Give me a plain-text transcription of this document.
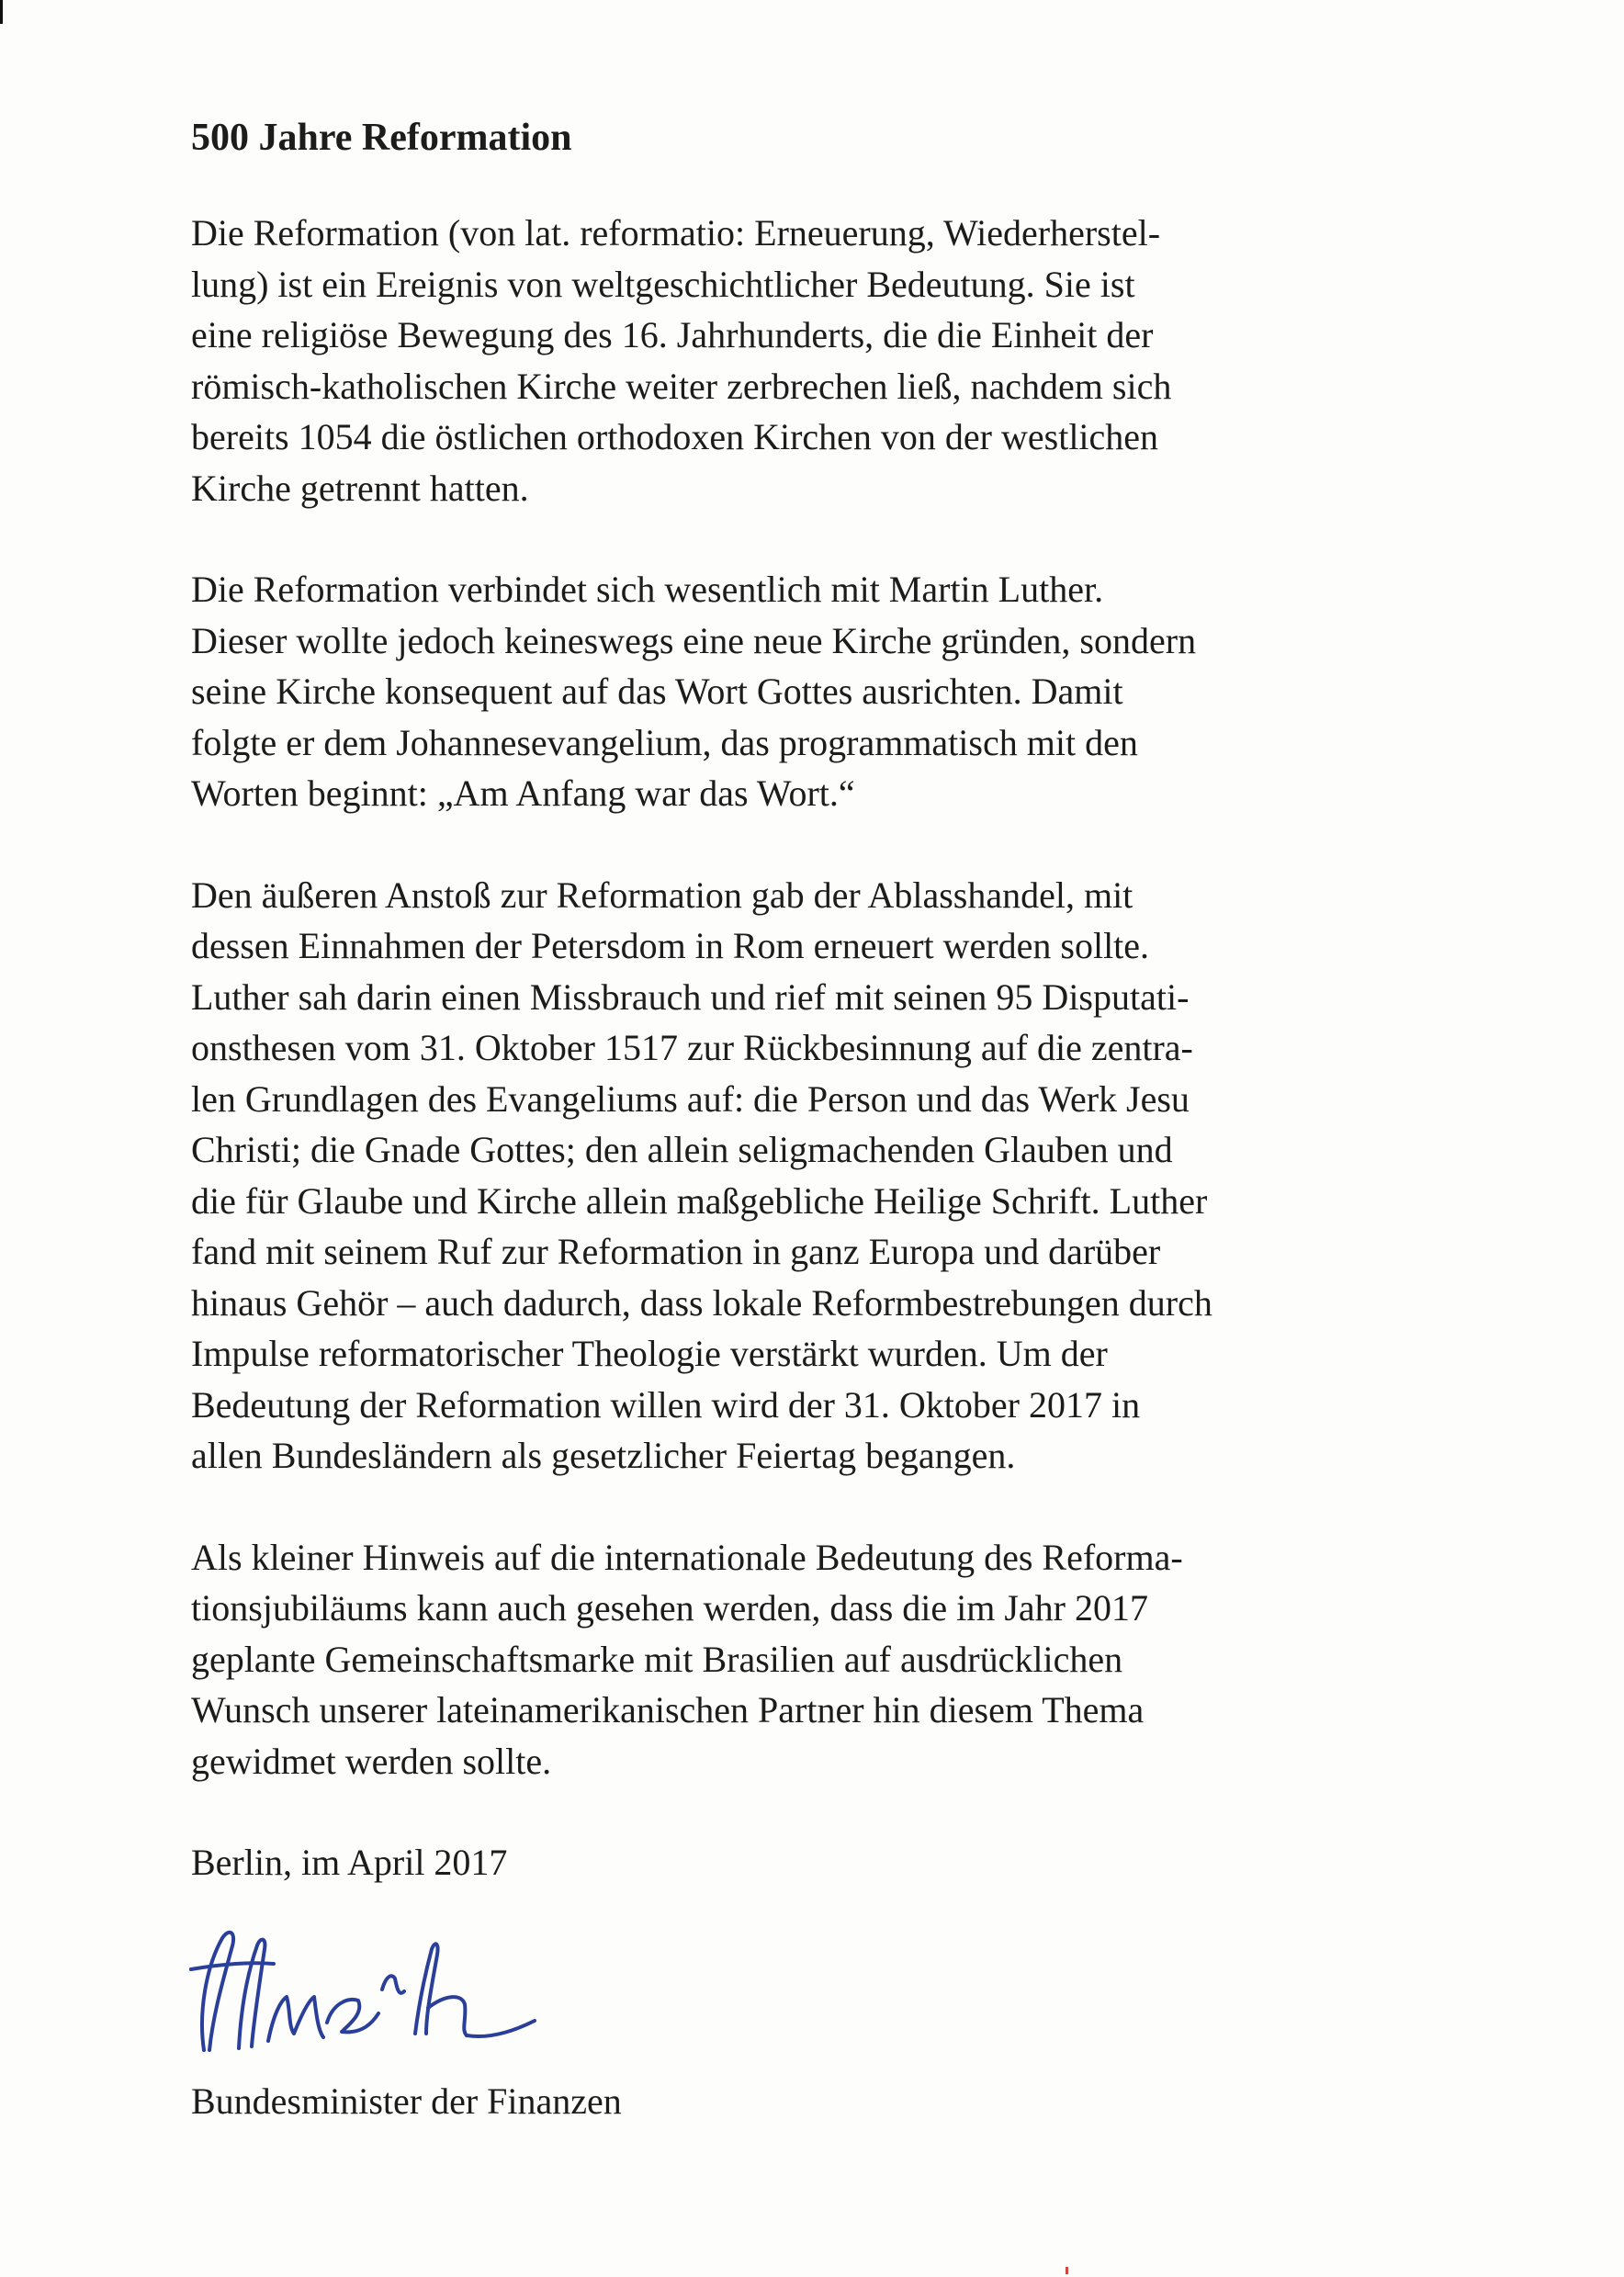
500 Jahre Reformation
Die Reformation (von lat. reformatio: Erneuerung, Wiederherstel-
lung) ist ein Ereignis von weltgeschichtlicher Bedeutung. Sie ist
eine religiöse Bewegung des 16. Jahrhunderts, die die Einheit der
römisch-katholischen Kirche weiter zerbrechen ließ, nachdem sich
bereits 1054 die östlichen orthodoxen Kirchen von der westlichen
Kirche getrennt hatten.
Die Reformation verbindet sich wesentlich mit Martin Luther.
Dieser wollte jedoch keineswegs eine neue Kirche gründen, sondern
seine Kirche konsequent auf das Wort Gottes ausrichten. Damit
folgte er dem Johannesevangelium, das programmatisch mit den
Worten beginnt: „Am Anfang war das Wort.“
Den äußeren Anstoß zur Reformation gab der Ablasshandel, mit
dessen Einnahmen der Petersdom in Rom erneuert werden sollte.
Luther sah darin einen Missbrauch und rief mit seinen 95 Disputati-
onsthesen vom 31. Oktober 1517 zur Rückbesinnung auf die zentra-
len Grundlagen des Evangeliums auf: die Person und das Werk Jesu
Christi; die Gnade Gottes; den allein seligmachenden Glauben und
die für Glaube und Kirche allein maßgebliche Heilige Schrift. Luther
fand mit seinem Ruf zur Reformation in ganz Europa und darüber
hinaus Gehör – auch dadurch, dass lokale Reformbestrebungen durch
Impulse reformatorischer Theologie verstärkt wurden. Um der
Bedeutung der Reformation willen wird der 31. Oktober 2017 in
allen Bundesländern als gesetzlicher Feiertag begangen.
Als kleiner Hinweis auf die internationale Bedeutung des Reforma-
tionsjubiläums kann auch gesehen werden, dass die im Jahr 2017
geplante Gemeinschaftsmarke mit Brasilien auf ausdrücklichen
Wunsch unserer lateinamerikanischen Partner hin diesem Thema
gewidmet werden sollte.

Berlin, im April 2017

Bundesminister der Finanzen
